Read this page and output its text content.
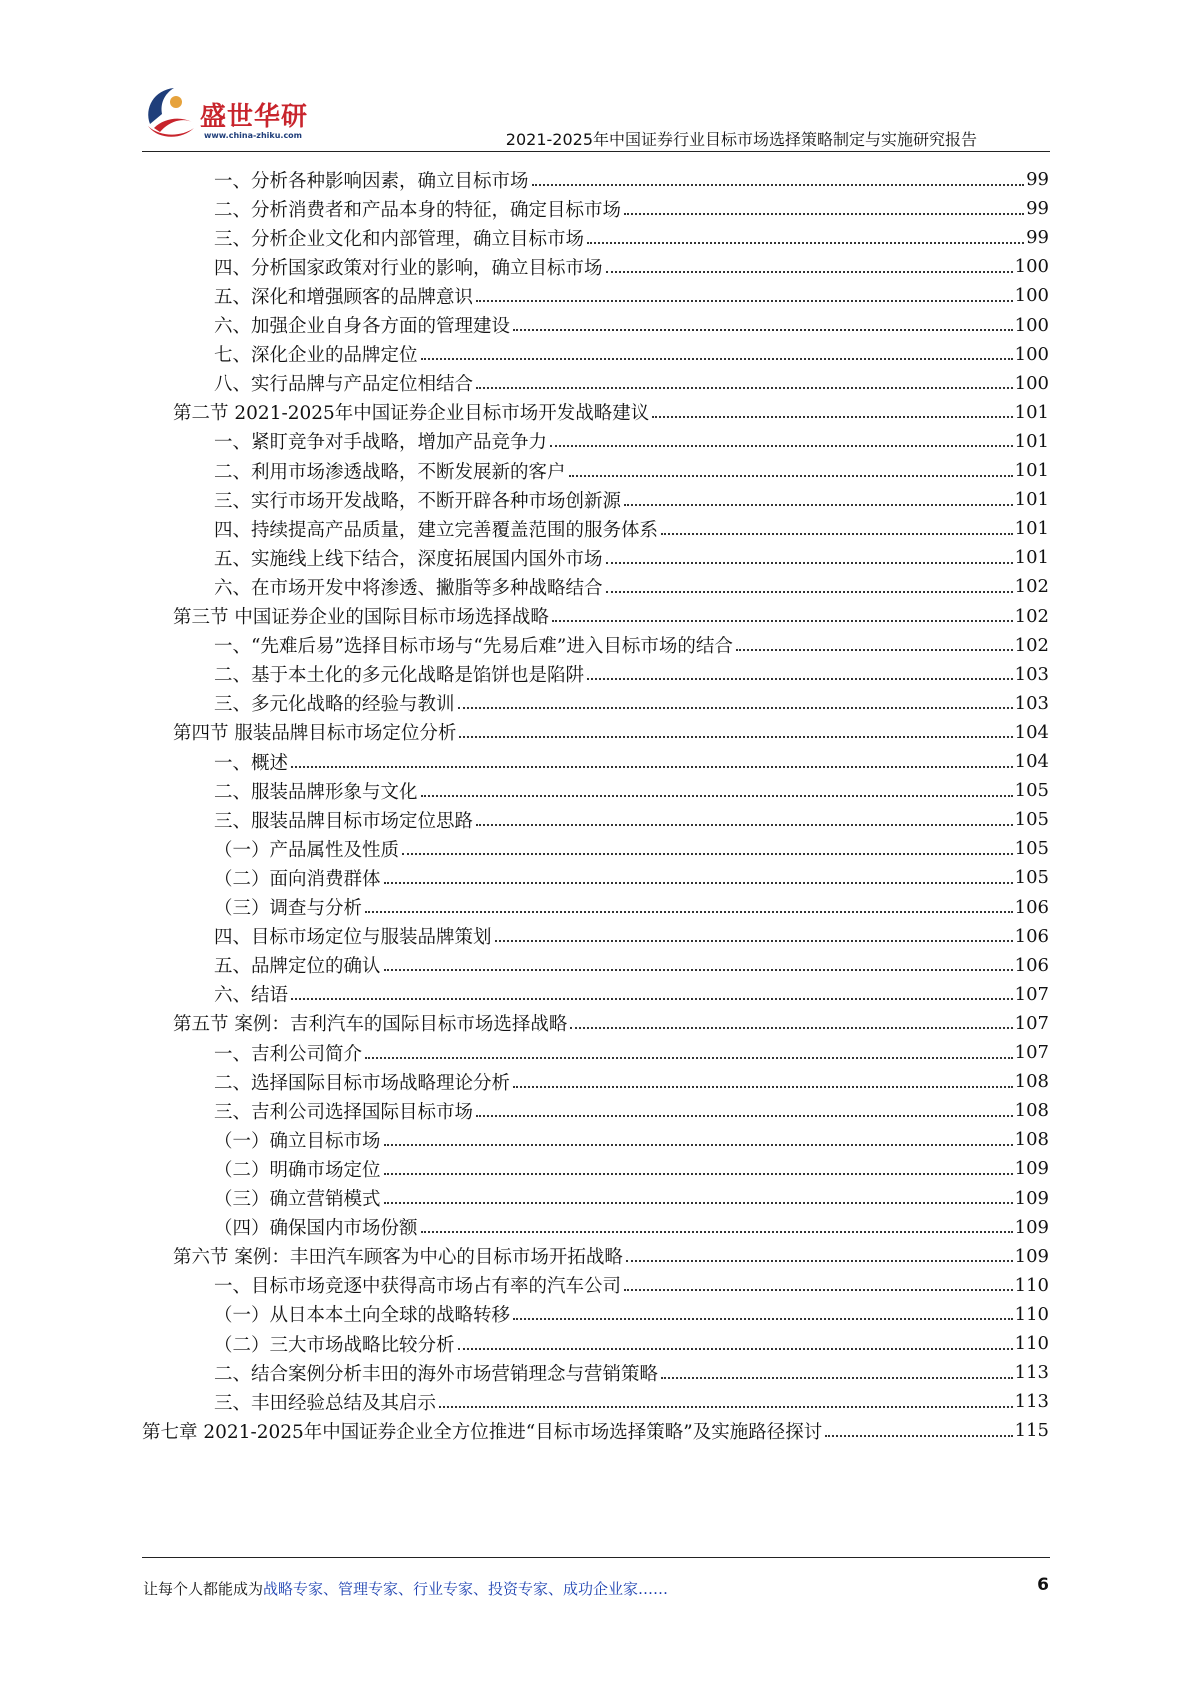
盛世华研
www.china-zhiku.com	2021-2025年中国证券行业目标市场选择策略制定与实施研究报告
一、分析各种影响因素，确立目标市场	99
二、分析消费者和产品本身的特征，确定目标市场	99
三、分析企业文化和内部管理，确立目标市场	99
四、分析国家政策对行业的影响，确立目标市场	100
五、深化和增强顾客的品牌意识	100
六、加强企业自身各方面的管理建设	100
七、深化企业的品牌定位	100
八、实行品牌与产品定位相结合	100
第二节 2021-2025年中国证券企业目标市场开发战略建议	101
一、紧盯竞争对手战略，增加产品竞争力	101
二、利用市场渗透战略，不断发展新的客户	101
三、实行市场开发战略，不断开辟各种市场创新源	101
四、持续提高产品质量，建立完善覆盖范围的服务体系	101
五、实施线上线下结合，深度拓展国内国外市场	101
六、在市场开发中将渗透、撇脂等多种战略结合	102
第三节 中国证券企业的国际目标市场选择战略	102
一、“先难后易”选择目标市场与“先易后难”进入目标市场的结合	102
二、基于本土化的多元化战略是馅饼也是陷阱	103
三、多元化战略的经验与教训	103
第四节 服装品牌目标市场定位分析	104
一、概述	104
二、服装品牌形象与文化	105
三、服装品牌目标市场定位思路	105
（一）产品属性及性质	105
（二）面向消费群体	105
（三）调查与分析	106
四、目标市场定位与服装品牌策划	106
五、品牌定位的确认	106
六、结语	107
第五节 案例：吉利汽车的国际目标市场选择战略	107
一、吉利公司简介	107
二、选择国际目标市场战略理论分析	108
三、吉利公司选择国际目标市场	108
（一）确立目标市场	108
（二）明确市场定位	109
（三）确立营销模式	109
（四）确保国内市场份额	109
第六节 案例：丰田汽车顾客为中心的目标市场开拓战略	109
一、目标市场竞逐中获得高市场占有率的汽车公司	110
（一）从日本本土向全球的战略转移	110
（二）三大市场战略比较分析	110
二、结合案例分析丰田的海外市场营销理念与营销策略	113
三、丰田经验总结及其启示	113
第七章 2021-2025年中国证券企业全方位推进“目标市场选择策略”及实施路径探讨	115
让每个人都能成为战略专家、管理专家、行业专家、投资专家、成功企业家……	6
